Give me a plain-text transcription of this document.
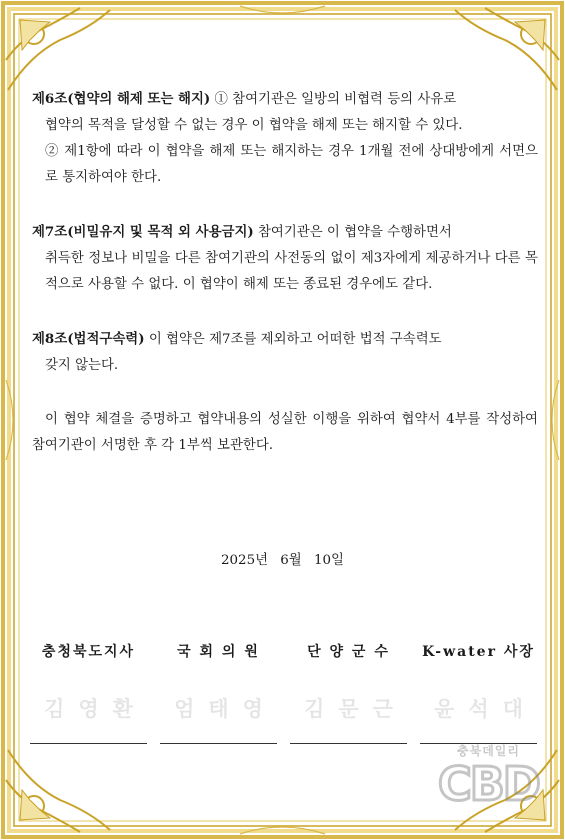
제6조(협약의 해제 또는 해지) ① 참여기관은 일방의 비협력 등의 사유로

협약의 목적을 달성할 수 없는 경우 이 협약을 해제 또는 해지할 수 있다.

② 제1항에 따라 이 협약을 해제 또는 해지하는 경우 1개월 전에 상대방에게 서면으로 통지하여야 한다.

제7조(비밀유지 및 목적 외 사용금지) 참여기관은 이 협약을 수행하면서

취득한 정보나 비밀을 다른 참여기관의 사전동의 없이 제3자에게 제공하거나 다른 목적으로 사용할 수 없다. 이 협약이 해제 또는 종료된 경우에도 같다.

제8조(법적구속력) 이 협약은 제7조를 제외하고 어떠한 법적 구속력도

갖지 않는다.

이 협약 체결을 증명하고 협약내용의 성실한 이행을 위하여 협약서 4부를 작성하여 참여기관이 서명한 후 각 1부씩 보관한다.

2025년 6월 10일
충청북도지사
김영환
국 회 의 원
엄태영
단 양 군 수
김문근
K-water 사장
윤석대
충북데일리
CBD
